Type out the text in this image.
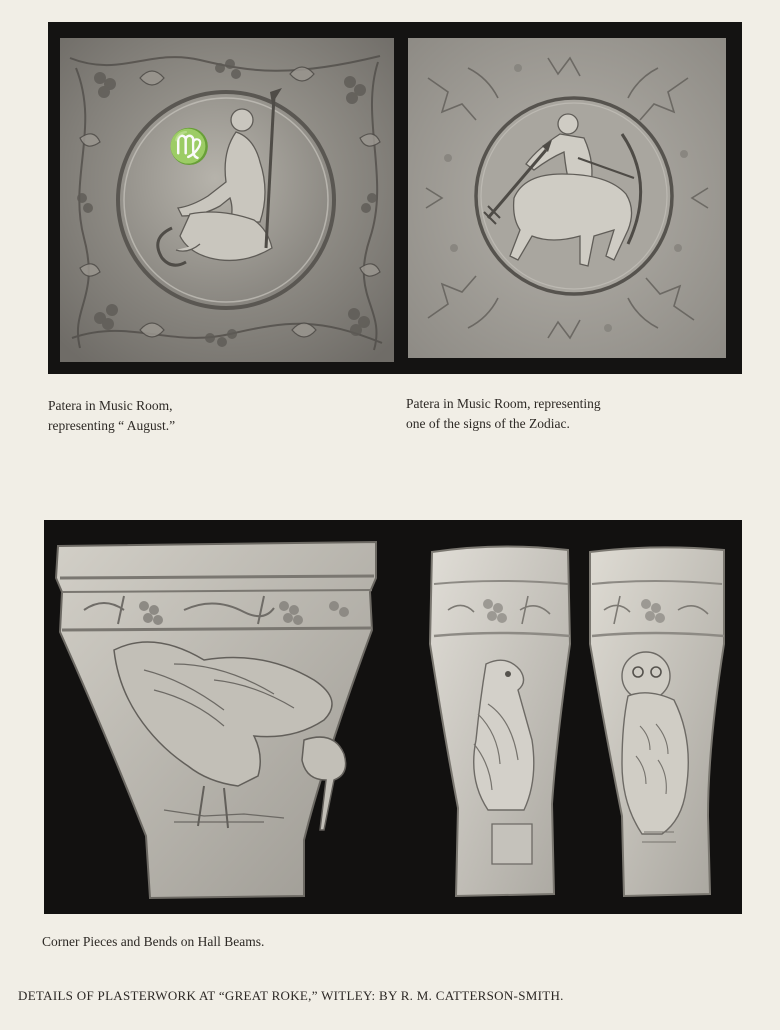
♍
Patera in Music Room,
representing “ August.”
Patera in Music Room, representing
one of the signs of the Zodiac.
Corner Pieces and Bends on Hall Beams.
DETAILS OF PLASTERWORK AT “GREAT ROKE,” WITLEY: BY R. M. CATTERSON-SMITH.
